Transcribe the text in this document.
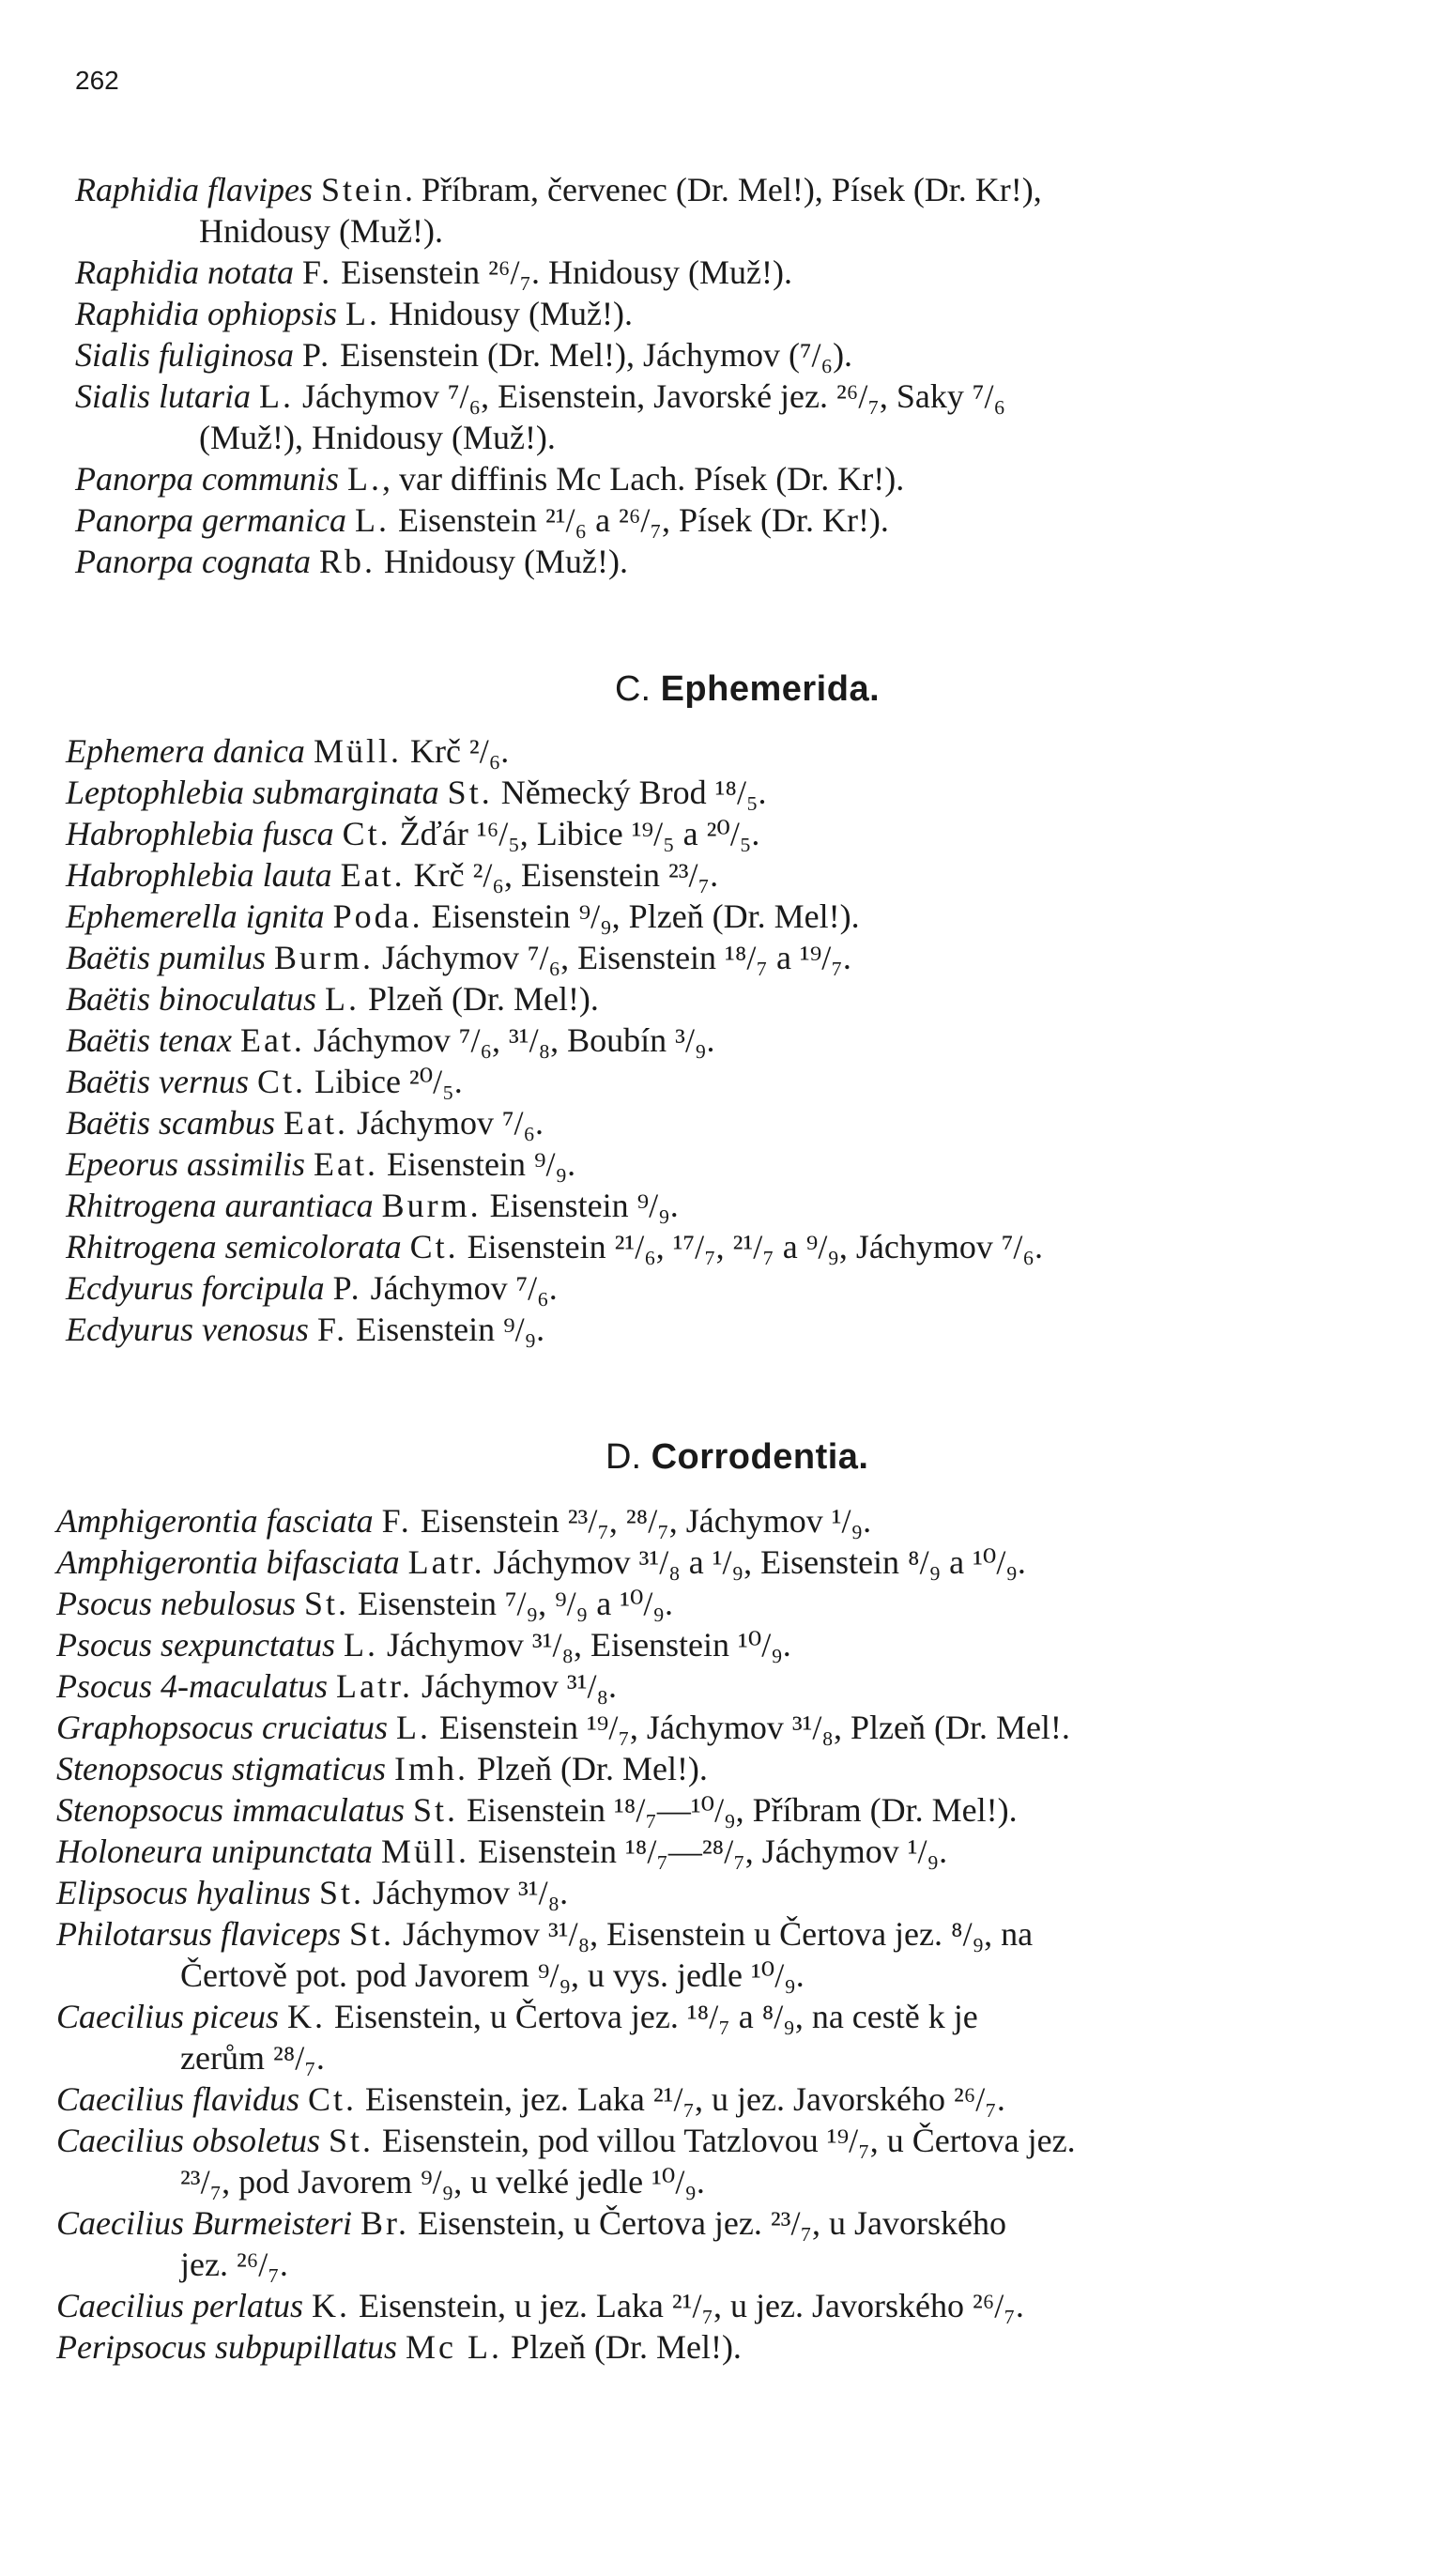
262
Raphidia flavipes Stein. Příbram, červenec (Dr. Mel!), Písek (Dr. Kr!),
Hnidousy (Muž!).
Raphidia notata F. Eisenstein ²⁶/₇. Hnidousy (Muž!).
Raphidia ophiopsis L. Hnidousy (Muž!).
Sialis fuliginosa P. Eisenstein (Dr. Mel!), Jáchymov (⁷/₆).
Sialis lutaria L. Jáchymov ⁷/₆, Eisenstein, Javorské jez. ²⁶/₇, Saky ⁷/₆
(Muž!), Hnidousy (Muž!).
Panorpa communis L., var diffinis Mc Lach. Písek (Dr. Kr!).
Panorpa germanica L. Eisenstein ²¹/₆ a ²⁶/₇, Písek (Dr. Kr!).
Panorpa cognata Rb. Hnidousy (Muž!).
C. Ephemerida.
Ephemera danica Müll. Krč ²/₆.
Leptophlebia submarginata St. Německý Brod ¹⁸/₅.
Habrophlebia fusca Ct. Žďár ¹⁶/₅, Libice ¹⁹/₅ a ²⁰/₅.
Habrophlebia lauta Eat. Krč ²/₆, Eisenstein ²³/₇.
Ephemerella ignita Poda. Eisenstein ⁹/₉, Plzeň (Dr. Mel!).
Baëtis pumilus Burm. Jáchymov ⁷/₆, Eisenstein ¹⁸/₇ a ¹⁹/₇.
Baëtis binoculatus L. Plzeň (Dr. Mel!).
Baëtis tenax Eat. Jáchymov ⁷/₆, ³¹/₈, Boubín ³/₉.
Baëtis vernus Ct. Libice ²⁰/₅.
Baëtis scambus Eat. Jáchymov ⁷/₆.
Epeorus assimilis Eat. Eisenstein ⁹/₉.
Rhitrogena aurantiaca Burm. Eisenstein ⁹/₉.
Rhitrogena semicolorata Ct. Eisenstein ²¹/₆, ¹⁷/₇, ²¹/₇ a ⁹/₉, Jáchymov ⁷/₆.
Ecdyurus forcipula P. Jáchymov ⁷/₆.
Ecdyurus venosus F. Eisenstein ⁹/₉.
D. Corrodentia.
Amphigerontia fasciata F. Eisenstein ²³/₇, ²⁸/₇, Jáchymov ¹/₉.
Amphigerontia bifasciata Latr. Jáchymov ³¹/₈ a ¹/₉, Eisenstein ⁸/₉ a ¹⁰/₉.
Psocus nebulosus St. Eisenstein ⁷/₉, ⁹/₉ a ¹⁰/₉.
Psocus sexpunctatus L. Jáchymov ³¹/₈, Eisenstein ¹⁰/₉.
Psocus 4-maculatus Latr. Jáchymov ³¹/₈.
Graphopsocus cruciatus L. Eisenstein ¹⁹/₇, Jáchymov ³¹/₈, Plzeň (Dr. Mel!.
Stenopsocus stigmaticus Imh. Plzeň (Dr. Mel!).
Stenopsocus immaculatus St. Eisenstein ¹⁸/₇—¹⁰/₉, Příbram (Dr. Mel!).
Holoneura unipunctata Müll. Eisenstein ¹⁸/₇—²⁸/₇, Jáchymov ¹/₉.
Elipsocus hyalinus St. Jáchymov ³¹/₈.
Philotarsus flaviceps St. Jáchymov ³¹/₈, Eisenstein u Čertova jez. ⁸/₉, na
Čertově pot. pod Javorem ⁹/₉, u vys. jedle ¹⁰/₉.
Caecilius piceus K. Eisenstein, u Čertova jez. ¹⁸/₇ a ⁸/₉, na cestě k je
zerům ²⁸/₇.
Caecilius flavidus Ct. Eisenstein, jez. Laka ²¹/₇, u jez. Javorského ²⁶/₇.
Caecilius obsoletus St. Eisenstein, pod villou Tatzlovou ¹⁹/₇, u Čertova jez.
²³/₇, pod Javorem ⁹/₉, u velké jedle ¹⁰/₉.
Caecilius Burmeisteri Br. Eisenstein, u Čertova jez. ²³/₇, u Javorského
jez. ²⁶/₇.
Caecilius perlatus K. Eisenstein, u jez. Laka ²¹/₇, u jez. Javorského ²⁶/₇.
Peripsocus subpupillatus Mc L. Plzeň (Dr. Mel!).
